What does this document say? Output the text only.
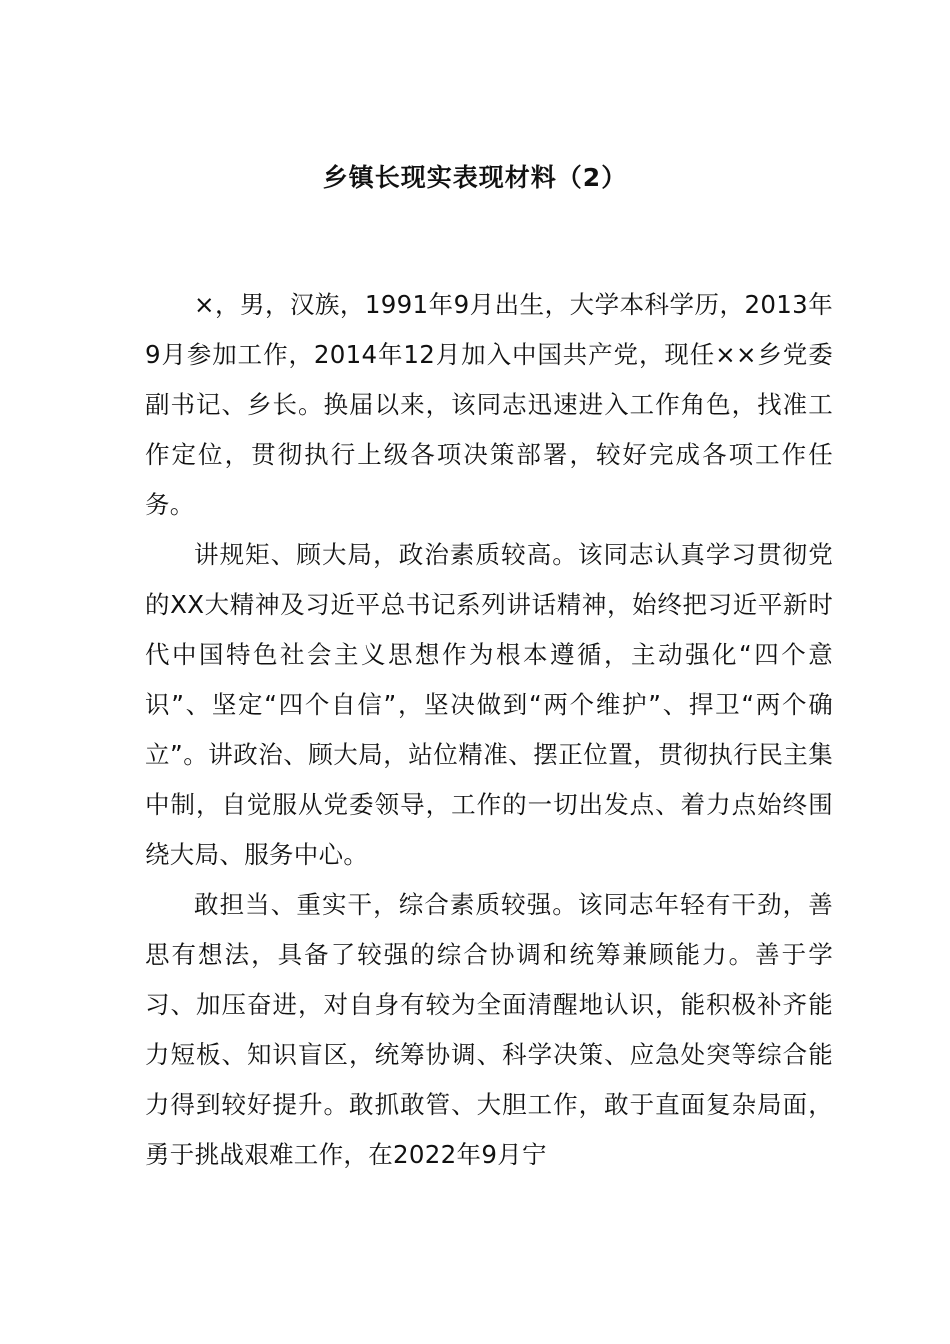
乡镇长现实表现材料（2）

×，男，汉族，1991年9月出生，大学本科学历，2013年9月参加工作，2014年12月加入中国共产党，现任××乡党委副书记、乡长。换届以来，该同志迅速进入工作角色，找准工作定位，贯彻执行上级各项决策部署，较好完成各项工作任务。

讲规矩、顾大局，政治素质较高。该同志认真学习贯彻党的XX大精神及习近平总书记系列讲话精神，始终把习近平新时代中国特色社会主义思想作为根本遵循，主动强化“四个意识”、坚定“四个自信”，坚决做到“两个维护”、捍卫“两个确立”。讲政治、顾大局，站位精准、摆正位置，贯彻执行民主集中制，自觉服从党委领导，工作的一切出发点、着力点始终围绕大局、服务中心。

敢担当、重实干，综合素质较强。该同志年轻有干劲，善思有想法，具备了较强的综合协调和统筹兼顾能力。善于学习、加压奋进，对自身有较为全面清醒地认识，能积极补齐能力短板、知识盲区，统筹协调、科学决策、应急处突等综合能力得到较好提升。敢抓敢管、大胆工作，敢于直面复杂局面，勇于挑战艰难工作，在2022年9月宁
